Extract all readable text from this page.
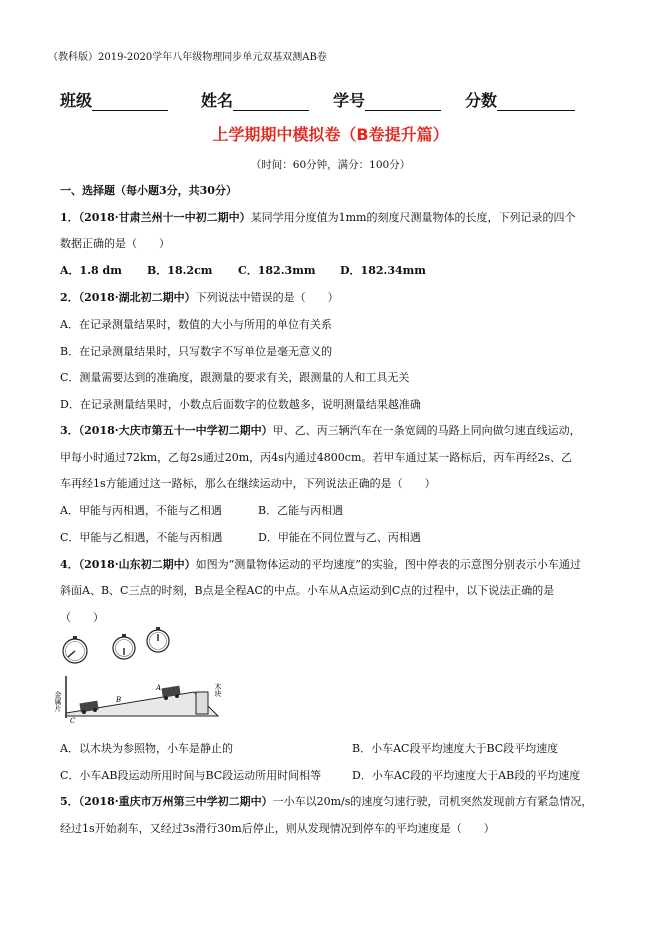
（教科版）2019-2020学年八年级物理同步单元双基双测AB卷
班级	姓名	学号	分数
上学期期中模拟卷（B卷提升篇）
（时间：60分钟，满分：100分）
一、选择题（每小题3分，共30分）
1．（2018·甘肃兰州十一中初二期中）某同学用分度值为1mm的刻度尺测量物体的长度，下列记录的四个
数据正确的是（　　）
A．1.8 dm B．18.2cm C．182.3mm D．182.34mm
2．（2018·湖北初二期中）下列说法中错误的是（　　）
A．在记录测量结果时，数值的大小与所用的单位有关系
B．在记录测量结果时，只写数字不写单位是毫无意义的
C．测量需要达到的准确度，跟测量的要求有关，跟测量的人和工具无关
D．在记录测量结果时，小数点后面数字的位数越多，说明测量结果越准确
3．（2018·大庆市第五十一中学初二期中）甲、乙、丙三辆汽车在一条宽阔的马路上同向做匀速直线运动，
甲每小时通过72km，乙每2s通过20m，丙4s内通过4800cm。若甲车通过某一路标后，丙车再经2s、乙
车再经1s方能通过这一路标，那么在继续运动中，下列说法正确的是（　　）
A．甲能与丙相遇，不能与乙相遇	B．乙能与丙相遇
C．甲能与乙相遇，不能与丙相遇	D．甲能在不同位置与乙、丙相遇
4．（2018·山东初二期中）如图为“测量物体运动的平均速度”的实验，图中停表的示意图分别表示小车通过
斜面A、B、C三点的时刻，B点是全程AC的中点。小车从A点运动到C点的过程中，以下说法正确的是
（　　）
金属片
木块
A
B
C
A．以木块为参照物，小车是静止的	B．小车AC段平均速度大于BC段平均速度
C．小车AB段运动所用时间与BC段运动所用时间相等	D．小车AC段的平均速度大于AB段的平均速度
5．（2018·重庆市万州第三中学初二期中）一小车以20m/s的速度匀速行驶，司机突然发现前方有紧急情况，
经过1s开始刹车，又经过3s滑行30m后停止，则从发现情况到停车的平均速度是（　　）
